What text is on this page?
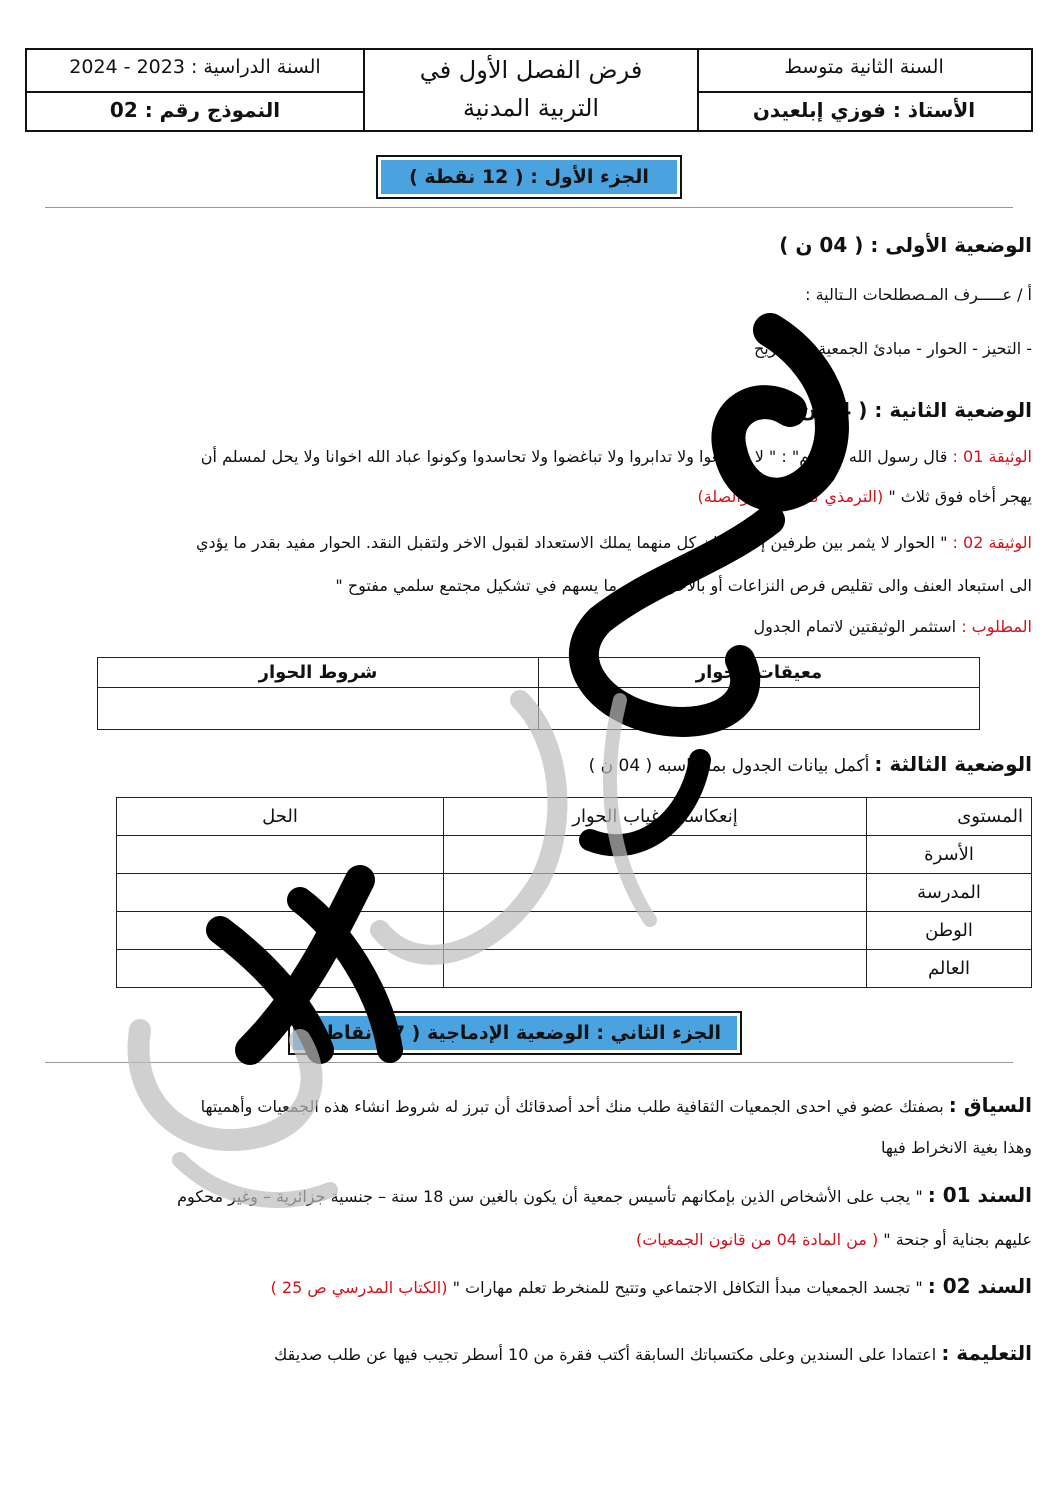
السنة الثانية متوسط
الأستاذ : فوزي إبلعيدن
فرض الفصل الأول في
التربية المدنية
السنة الدراسية : 2023 - 2024
النموذج رقم : 02
الجزء الأول : ( 12 نقطة )
الوضعية الأولى : ( 04 ن )
أ / عـــــرف المـصطلحات الـتالية :
- التحيز - الحوار - مبادئ الجمعية - التجريح
الوضعية الثانية : ( 04 ن )
الوثيقة 01 : قال رسول الله "صلعم" : " لا تقاطعوا ولا تدابروا ولا تباغضوا ولا تحاسدوا وكونوا عباد الله اخوانا ولا يحل لمسلم أن
يهجر أخاه فوق ثلاث " (الترمذي كتاب: البر والصلة)
الوثيقة 02 : " الحوار لا يثمر بين طرفين إلا اذا كان كل منهما يملك الاستعداد لقبول الاخر ولتقبل النقد. الحوار مفيد بقدر ما يؤدي
الى استبعاد العنف والى تقليص فرص النزاعات أو بالأحرى بقدر ما يسهم في تشكيل مجتمع سلمي مفتوح "
المطلوب : استثمر الوثيقتين لاتمام الجدول
معيقات الحوار	شروط الحوار

الوضعية الثالثة : أكمل بيانات الجدول بما يناسبه ( 04 ن )
المستوى	إنعكاسات غياب الحوار	الحل
الأسرة		
المدرسة		
الوطن		
العالم		
الجزء الثاني : الوضعية الإدماجية ( 07 نقاط )
السياق : بصفتك عضو في احدى الجمعيات الثقافية طلب منك أحد أصدقائك أن تبرز له شروط انشاء هذه الجمعيات وأهميتها
وهذا بغية الانخراط فيها
السند 01 : " يجب على الأشخاص الذين بإمكانهم تأسيس جمعية أن يكون بالغين سن 18 سنة – جنسية جزائرية – وغير محكوم
عليهم بجناية أو جنحة " ( من المادة 04 من قانون الجمعيات)
السند 02 : " تجسد الجمعيات مبدأ التكافل الاجتماعي وتتيح للمنخرط تعلم مهارات " (الكتاب المدرسي ص 25 )
التعليمة : اعتمادا على السندين وعلى مكتسباتك السابقة أكتب فقرة من 10 أسطر تجيب فيها عن طلب صديقك
